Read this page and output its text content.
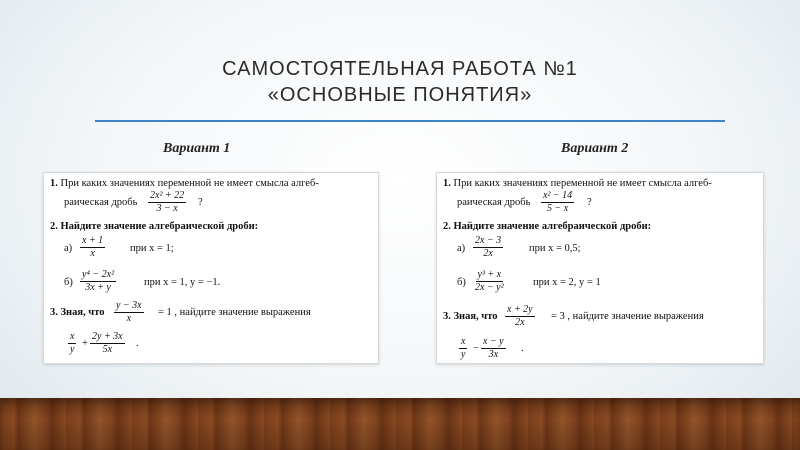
САМОСТОЯТЕЛЬНАЯ РАБОТА №1
«ОСНОВНЫЕ ПОНЯТИЯ»
Вариант 1	Вариант 2
1. При каких значениях переменной не имеет смысла алгеб-
раическая дробь $\frac{\text{2x² + 22}}{3 - x}$ ?
2. Найдите значение алгебраической дроби:
$а) \frac{x + 1}{x}$ при x = 1;
$б) \frac{\text{y⁴ − 2x²}}{3x + y}$	при x = 1, y = −1.
3. Зная, что $\frac{y - 3x}{x} = 1$ , найдите значение выражения
$\frac{x}{y} + \frac{2y + 3x}{5x}$ .
1. При каких значениях переменной не имеет смысла алгеб-
раическая дробь $\frac{\text{x² − 14}}{5 - x}$ ?
2. Найдите значение алгебраической дроби:
$а) \frac{2x - 3}{2x}$ при x = 0,5;
$б) \frac{\text{y³ + x}}{\text{2x − y²}}$	при x = 2, y = 1
3. Зная, что $\frac{x + 2y}{2x} = 3$ , найдите значение выражения
$\frac{x}{y} - \frac{x - y}{3x}$ .
